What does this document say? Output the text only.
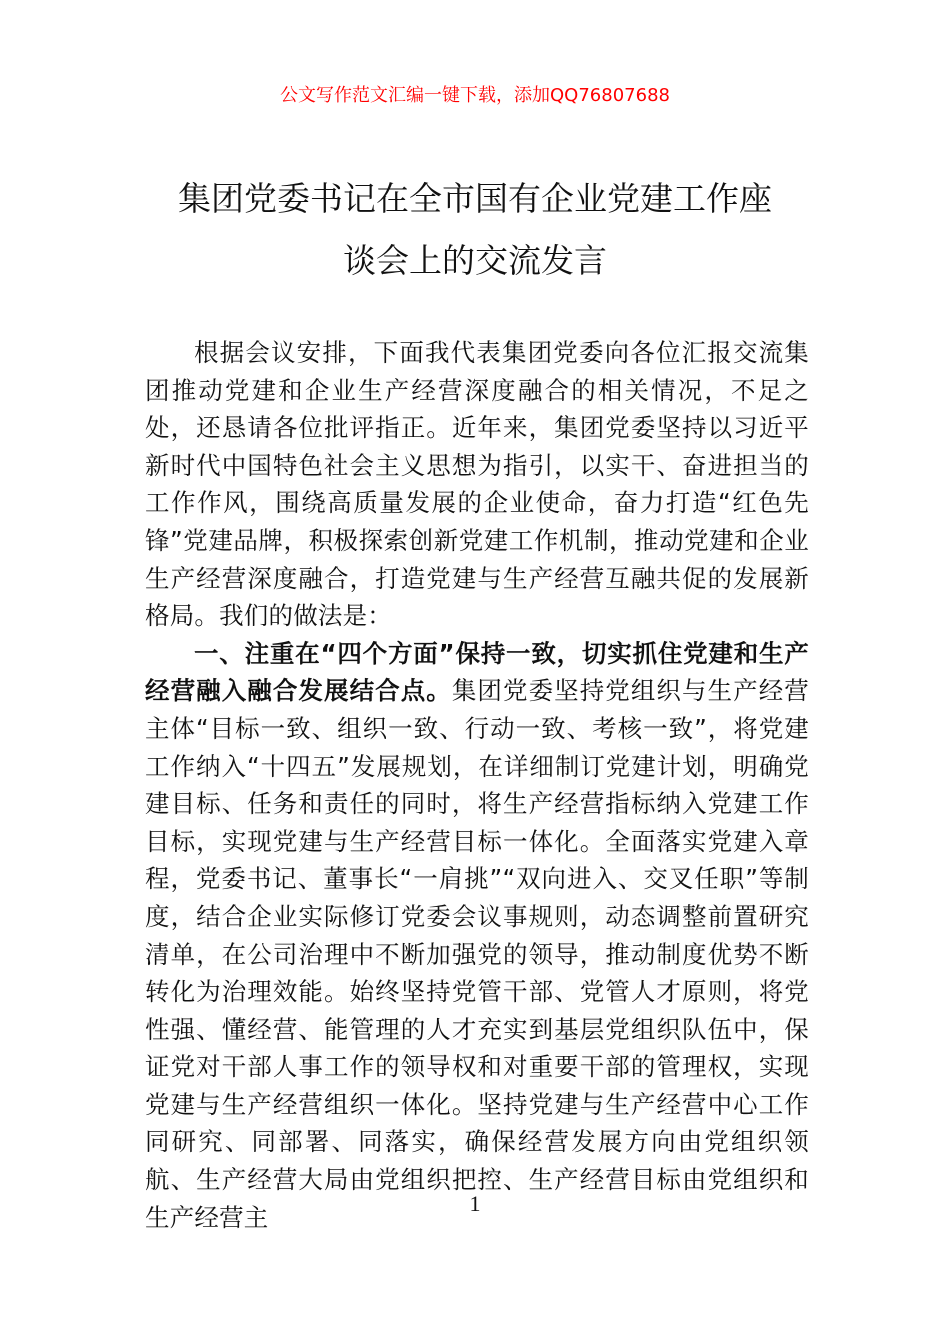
公文写作范文汇编一键下载，添加QQ76807688
集团党委书记在全市国有企业党建工作座
谈会上的交流发言

根据会议安排，下面我代表集团党委向各位汇报交流集团推动党建和企业生产经营深度融合的相关情况，不足之处，还恳请各位批评指正。近年来，集团党委坚持以习近平新时代中国特色社会主义思想为指引，以实干、奋进担当的工作作风，围绕高质量发展的企业使命，奋力打造“红色先锋”党建品牌，积极探索创新党建工作机制，推动党建和企业生产经营深度融合，打造党建与生产经营互融共促的发展新格局。我们的做法是：

一、注重在“四个方面”保持一致，切实抓住党建和生产经营融入融合发展结合点。集团党委坚持党组织与生产经营主体“目标一致、组织一致、行动一致、考核一致”，将党建工作纳入“十四五”发展规划，在详细制订党建计划，明确党建目标、任务和责任的同时，将生产经营指标纳入党建工作目标，实现党建与生产经营目标一体化。全面落实党建入章程，党委书记、董事长“一肩挑”“双向进入、交叉任职”等制度，结合企业实际修订党委会议事规则，动态调整前置研究清单，在公司治理中不断加强党的领导，推动制度优势不断转化为治理效能。始终坚持党管干部、党管人才原则，将党性强、懂经营、能管理的人才充实到基层党组织队伍中，保证党对干部人事工作的领导权和对重要干部的管理权，实现党建与生产经营组织一体化。坚持党建与生产经营中心工作同研究、同部署、同落实，确保经营发展方向由党组织领航、生产经营大局由党组织把控、生产经营目标由党组织和生产经营主	1
